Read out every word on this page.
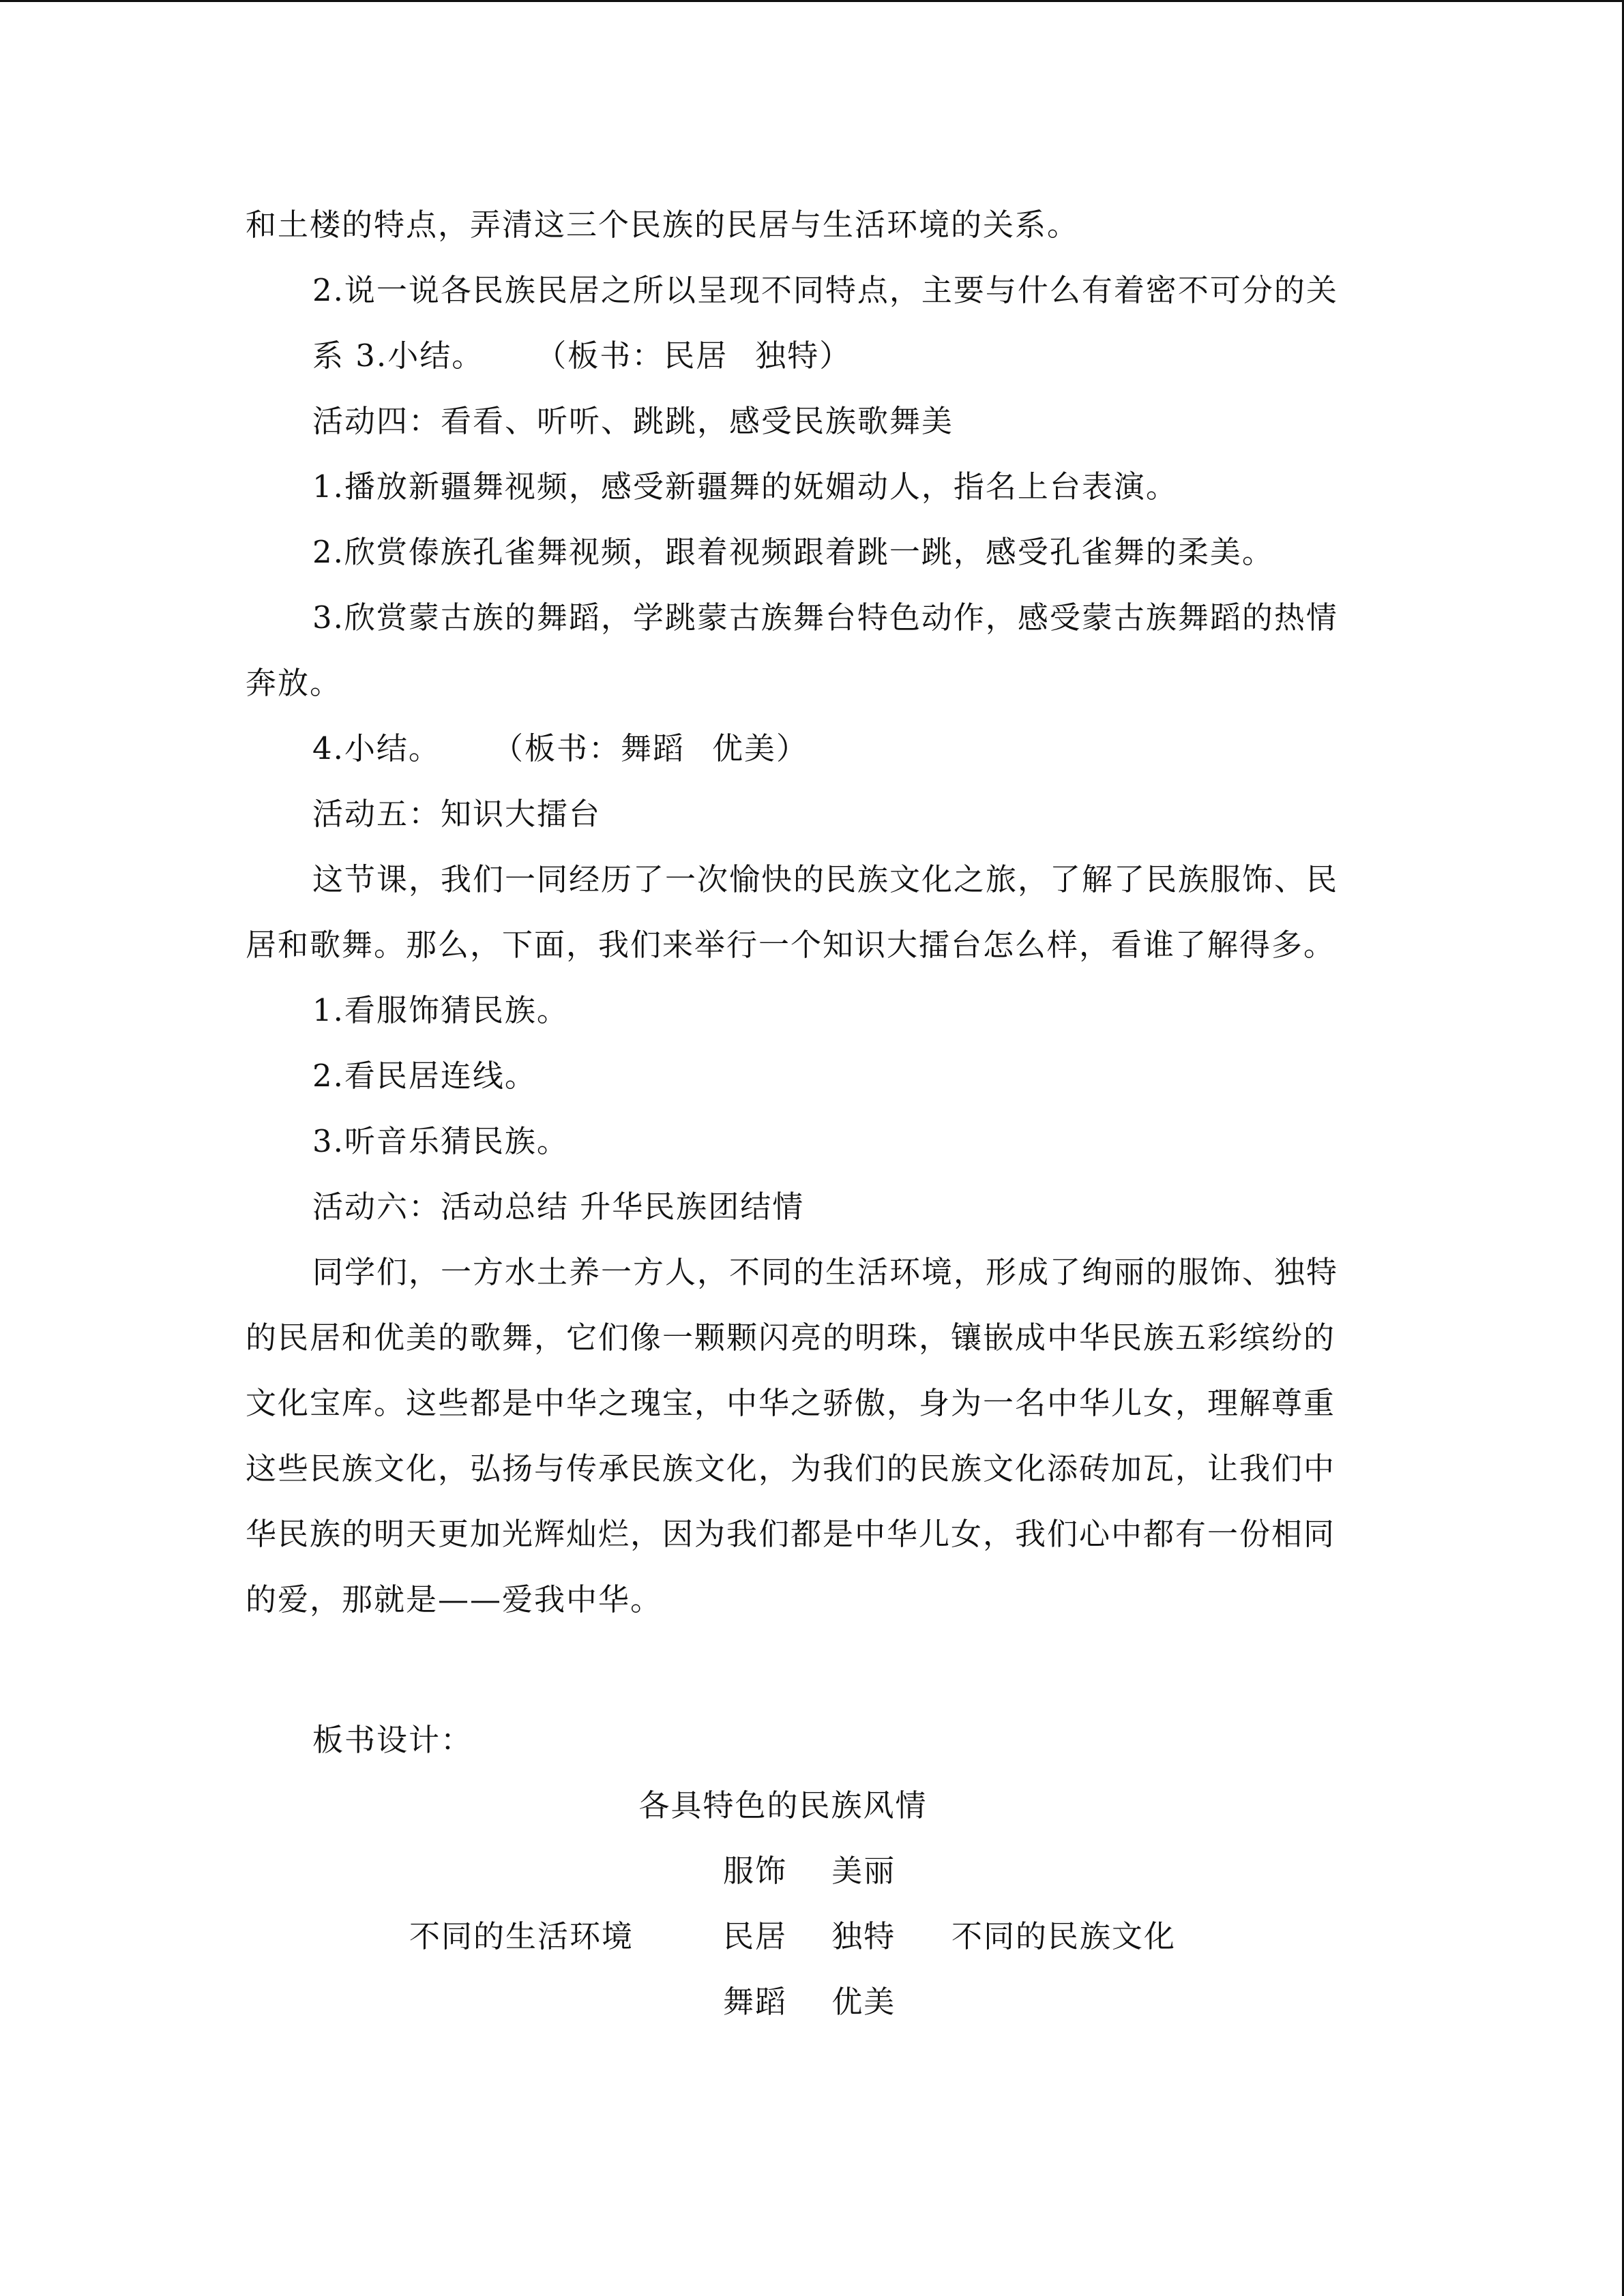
和土楼的特点，弄清这三个民族的民居与生活环境的关系。
2.说一说各民族民居之所以呈现不同特点，主要与什么有着密不可分的关
系 3.小结。 （板书：民居 独特）
活动四：看看、听听、跳跳，感受民族歌舞美
1.播放新疆舞视频，感受新疆舞的妩媚动人，指名上台表演。
2.欣赏傣族孔雀舞视频，跟着视频跟着跳一跳，感受孔雀舞的柔美。
3.欣赏蒙古族的舞蹈，学跳蒙古族舞台特色动作，感受蒙古族舞蹈的热情
奔放。
4.小结。 （板书：舞蹈 优美）
活动五：知识大擂台
这节课，我们一同经历了一次愉快的民族文化之旅，了解了民族服饰、民
居和歌舞。那么，下面，我们来举行一个知识大擂台怎么样，看谁了解得多。
1.看服饰猜民族。
2.看民居连线。
3.听音乐猜民族。
活动六：活动总结 升华民族团结情
同学们，一方水土养一方人，不同的生活环境，形成了绚丽的服饰、独特
的民居和优美的歌舞，它们像一颗颗闪亮的明珠，镶嵌成中华民族五彩缤纷的
文化宝库。这些都是中华之瑰宝，中华之骄傲，身为一名中华儿女，理解尊重
这些民族文化，弘扬与传承民族文化，为我们的民族文化添砖加瓦，让我们中
华民族的明天更加光辉灿烂，因为我们都是中华儿女，我们心中都有一份相同
的爱，那就是——爱我中华。
板书设计：
各具特色的民族风情
服饰    美丽
不同的生活环境	民居    独特 不同的民族文化
舞蹈    优美
